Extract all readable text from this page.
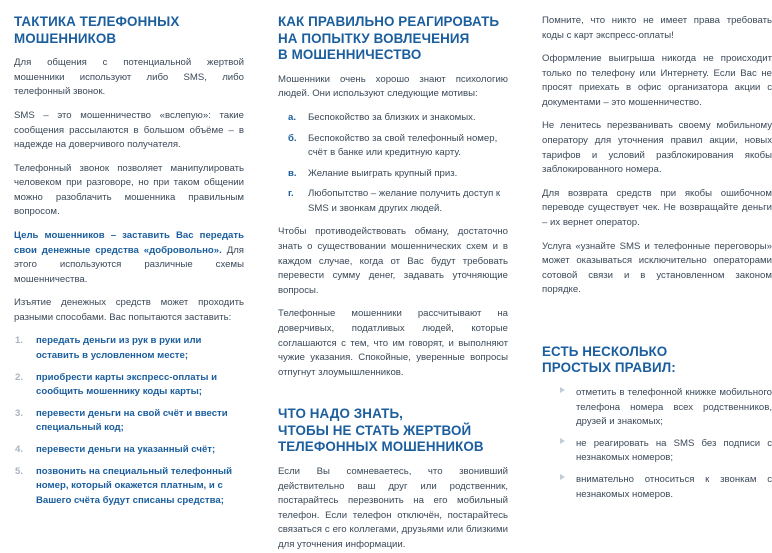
ТАКТИКА ТЕЛЕФОННЫХ
МОШЕННИКОВ

Для общения с потенциальной жертвой мошенники используют либо SMS, либо телефонный звонок.

SMS – это мошенничество «вслепую»: такие сообщения рассылаются в большом объёме – в надежде на доверчивого получателя.

Телефонный звонок позволяет манипулировать человеком при разговоре, но при таком общении можно разоблачить мошенника правильным вопросом.

Цель мошенников – заставить Вас передать свои денежные средства «добровольно». Для этого используются различные схемы мошенничества.

Изъятие денежных средств может проходить разными способами. Вас попытаются заставить:

1. передать деньги из рук в руки или оставить в условленном месте;
2. приобрести карты экспресс-оплаты и сообщить мошеннику коды карты;
3. перевести деньги на свой счёт и ввести специальный код;
4. перевести деньги на указанный счёт;
5. позвонить на специальный телефонный номер, который окажется платным, и с Вашего счёта будут списаны средства;
КАК ПРАВИЛЬНО РЕАГИРОВАТЬ
НА ПОПЫТКУ ВОВЛЕЧЕНИЯ
В МОШЕННИЧЕСТВО

Мошенники очень хорошо знают психологию людей. Они используют следующие мотивы:

а. Беспокойство за близких и знакомых.
б. Беспокойство за свой телефонный номер, счёт в банке или кредитную карту.
в. Желание выиграть крупный приз.
г. Любопытство – желание получить доступ к SMS и звонкам других людей.

Чтобы противодействовать обману, достаточно знать о существовании мошеннических схем и в каждом случае, когда от Вас будут требовать перевести сумму денег, задавать уточняющие вопросы.

Телефонные мошенники рассчитывают на доверчивых, податливых людей, которые соглашаются с тем, что им говорят, и выполняют чужие указания. Спокойные, уверенные вопросы отпугнут злоумышленников.

ЧТО НАДО ЗНАТЬ,
ЧТОБЫ НЕ СТАТЬ ЖЕРТВОЙ
ТЕЛЕФОННЫХ МОШЕННИКОВ

Если Вы сомневаетесь, что звонивший действительно ваш друг или родственник, постарайтесь перезвонить на его мобильный телефон. Если телефон отключён, постарайтесь связаться с его коллегами, друзьями или близкими для уточнения информации.

Помните, что никто не имеет права требовать коды с карт экспресс-оплаты!

Оформление выигрыша никогда не происходит только по телефону или Интернету. Если Вас не просят приехать в офис организатора акции с документами – это мошенничество.

Не ленитесь перезванивать своему мобильному оператору для уточнения правил акции, новых тарифов и условий разблокирования якобы заблокированного номера.

Для возврата средств при якобы ошибочном переводе существует чек. Не возвращайте деньги – их вернет оператор.

Услуга «узнайте SMS и телефонные переговоры» может оказываться исключительно операторами сотовой связи и в установленном законом порядке.

ЕСТЬ НЕСКОЛЬКО
ПРОСТЫХ ПРАВИЛ:
отметить в телефонной книжке мобильного телефона номера всех родственников, друзей и знакомых;
не реагировать на SMS без подписи с незнакомых номеров;
внимательно относиться к звонкам с незнакомых номеров.
